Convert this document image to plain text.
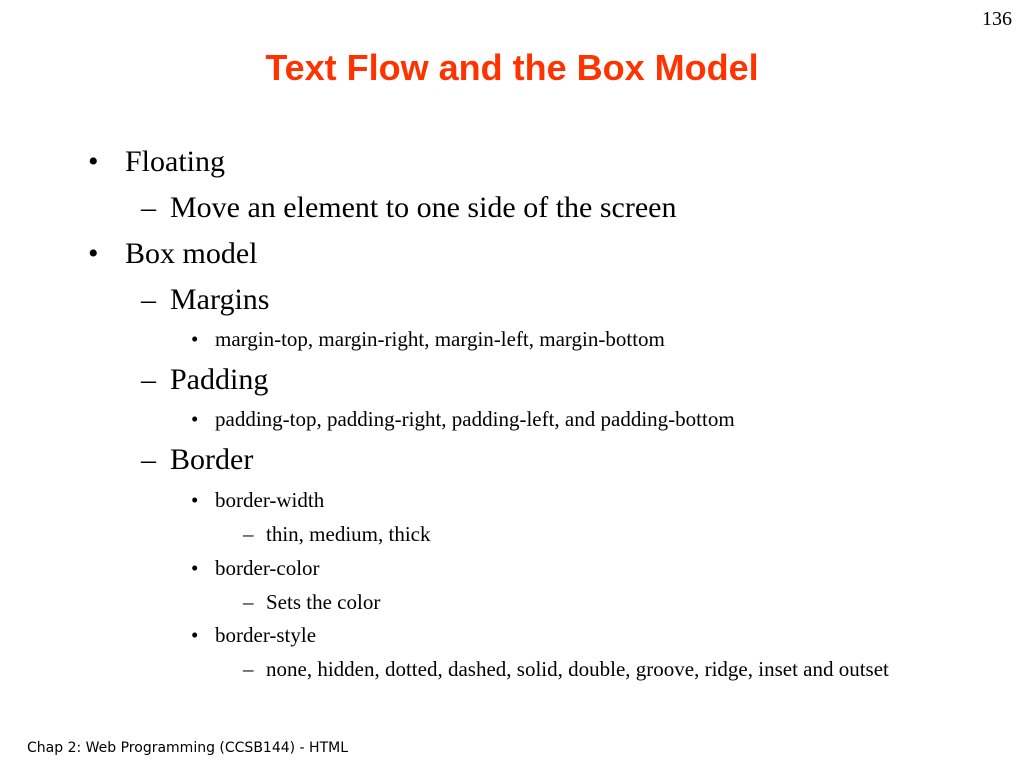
136
Text Flow and the Box Model
• Floating
– Move an element to one side of the screen
• Box model
– Margins
• margin-top, margin-right, margin-left, margin-bottom
– Padding
• padding-top, padding-right, padding-left, and padding-bottom
– Border
• border-width
– thin, medium, thick
• border-color
– Sets the color
• border-style
– none, hidden, dotted, dashed, solid, double, groove, ridge, inset and outset
Chap 2: Web Programming (CCSB144) - HTML
